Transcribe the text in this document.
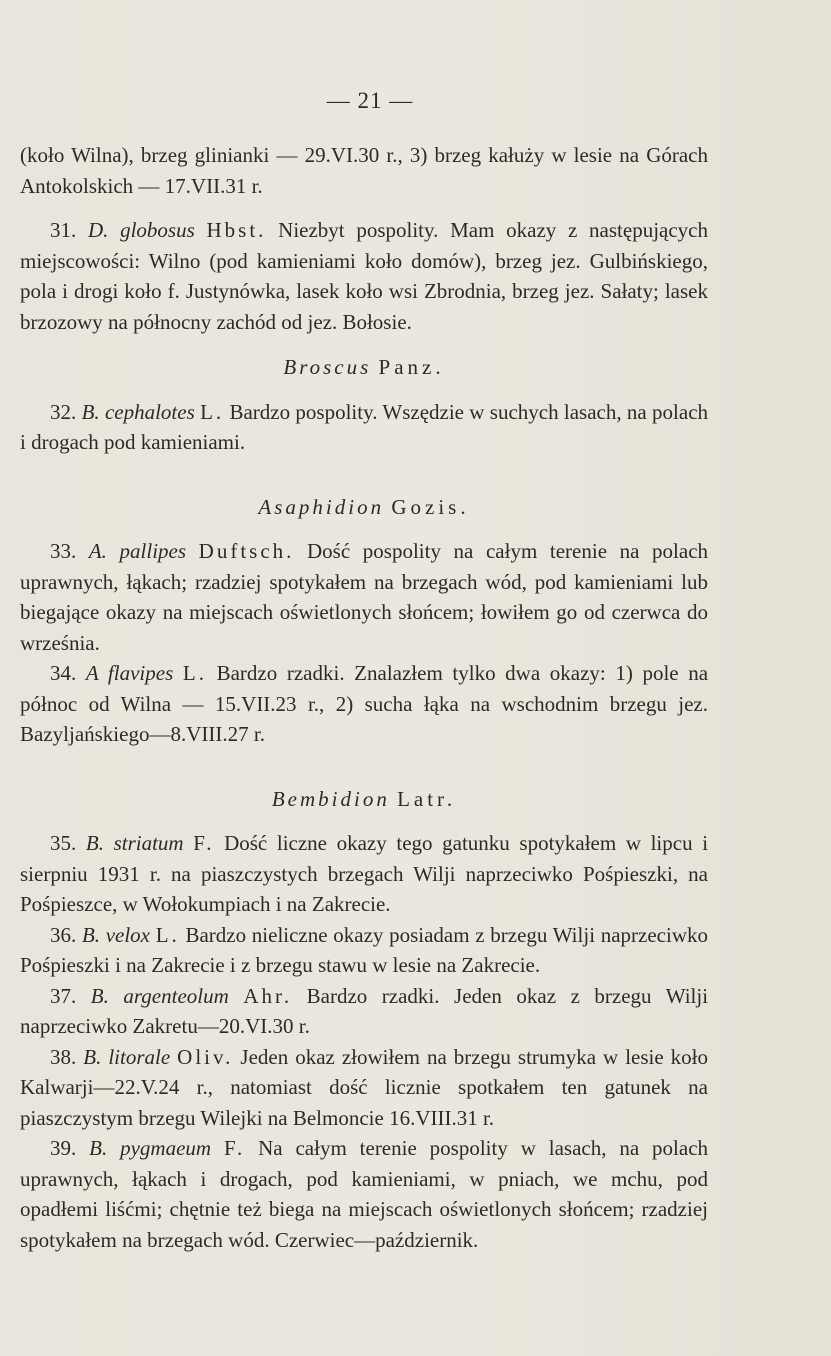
— 21 —

(koło Wilna), brzeg glinianki — 29.VI.30 r., 3) brzeg kałuży w lesie na Górach Antokolskich — 17.VII.31 r.

31. D. globosus Hbst. Niezbyt pospolity. Mam okazy z następujących miejscowości: Wilno (pod kamieniami koło domów), brzeg jez. Gulbińskiego, pola i drogi koło f. Justynówka, lasek koło wsi Zbrodnia, brzeg jez. Sałaty; lasek brzozowy na północny zachód od jez. Bołosie.

Broscus Panz.

32. B. cephalotes L. Bardzo pospolity. Wszędzie w suchych lasach, na polach i drogach pod kamieniami.

Asaphidion Gozis.

33. A. pallipes Duftsch. Dość pospolity na całym terenie na polach uprawnych, łąkach; rzadziej spotykałem na brzegach wód, pod kamieniami lub biegające okazy na miejscach oświetlonych słońcem; łowiłem go od czerwca do września.

34. A flavipes L. Bardzo rzadki. Znalazłem tylko dwa okazy: 1) pole na północ od Wilna — 15.VII.23 r., 2) sucha łąka na wschodnim brzegu jez. Bazyljańskiego—8.VIII.27 r.

Bembidion Latr.

35. B. striatum F. Dość liczne okazy tego gatunku spotykałem w lipcu i sierpniu 1931 r. na piaszczystych brzegach Wilji naprzeciwko Pośpieszki, na Pośpieszce, w Wołokumpiach i na Zakrecie.

36. B. velox L. Bardzo nieliczne okazy posiadam z brzegu Wilji naprzeciwko Pośpieszki i na Zakrecie i z brzegu stawu w lesie na Zakrecie.

37. B. argenteolum Ahr. Bardzo rzadki. Jeden okaz z brzegu Wilji naprzeciwko Zakretu—20.VI.30 r.

38. B. litorale Oliv. Jeden okaz złowiłem na brzegu strumyka w lesie koło Kalwarji—22.V.24 r., natomiast dość licznie spotkałem ten gatunek na piaszczystym brzegu Wilejki na Belmoncie 16.VIII.31 r.

39. B. pygmaeum F. Na całym terenie pospolity w lasach, na polach uprawnych, łąkach i drogach, pod kamieniami, w pniach, we mchu, pod opadłemi liśćmi; chętnie też biega na miejscach oświetlonych słońcem; rzadziej spotykałem na brzegach wód. Czerwiec—październik.
